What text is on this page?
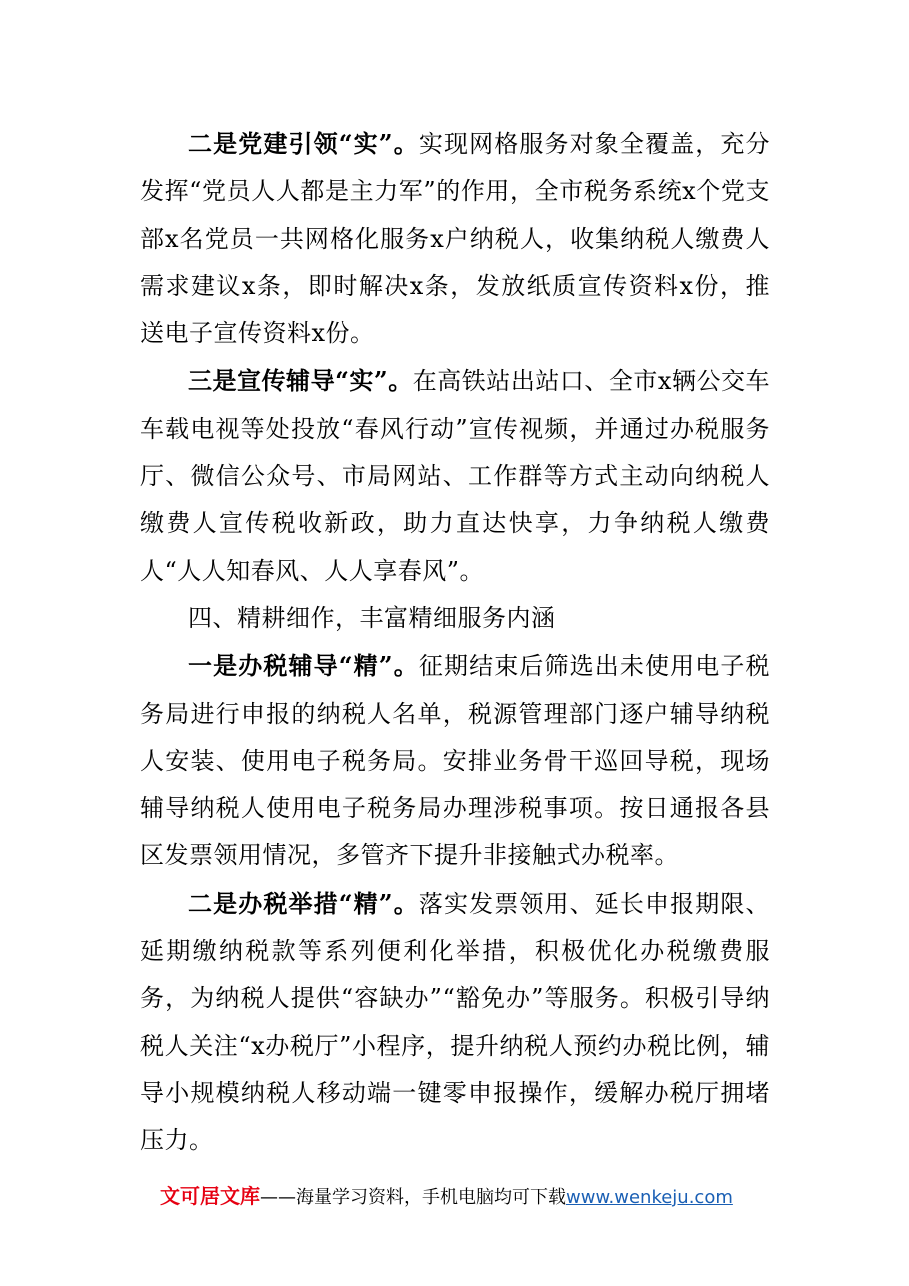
二是党建引领“实”。实现网格服务对象全覆盖，充分发挥“党员人人都是主力军”的作用，全市税务系统x个党支部x名党员一共网格化服务x户纳税人，收集纳税人缴费人需求建议x条，即时解决x条，发放纸质宣传资料x份，推送电子宣传资料x份。

三是宣传辅导“实”。在高铁站出站口、全市x辆公交车车载电视等处投放“春风行动”宣传视频，并通过办税服务厅、微信公众号、市局网站、工作群等方式主动向纳税人缴费人宣传税收新政，助力直达快享，力争纳税人缴费人“人人知春风、人人享春风”。

四、精耕细作，丰富精细服务内涵

一是办税辅导“精”。征期结束后筛选出未使用电子税务局进行申报的纳税人名单，税源管理部门逐户辅导纳税人安装、使用电子税务局。安排业务骨干巡回导税，现场辅导纳税人使用电子税务局办理涉税事项。按日通报各县区发票领用情况，多管齐下提升非接触式办税率。

二是办税举措“精”。落实发票领用、延长申报期限、延期缴纳税款等系列便利化举措，积极优化办税缴费服务，为纳税人提供“容缺办”“豁免办”等服务。积极引导纳税人关注“x办税厅”小程序，提升纳税人预约办税比例，辅导小规模纳税人移动端一键零申报操作，缓解办税厅拥堵压力。

文可居文库——海量学习资料，手机电脑均可下载www.wenkeju.com
